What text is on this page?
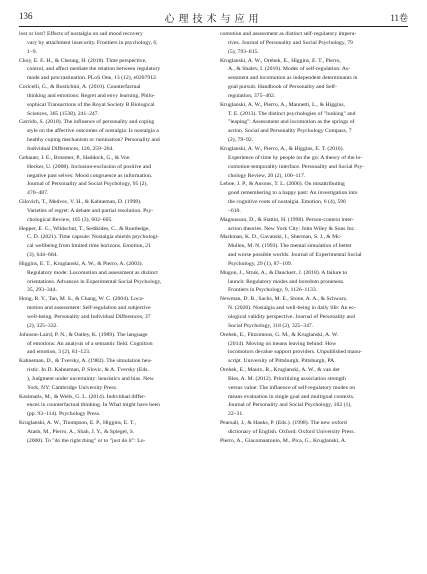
136	心理技术与应用	11卷
lost or lost? Effects of nostalgia on sad mood recovery
vary by attachment insecurity. Frontiers in psychology, 6,
1–9.
Choy, E. E. H., & Cheung, H. (2018). Time perspective,
control, and affect mediate the relation between regulatory
mode and procrastination. PLoS One, 13 (12), e0207912.
Coricelli, G., & Rustichini, A. (2010). Counterfactual
thinking and emotions: Regret and envy learning. Philo-
sophical Transactions of the Royal Society B Biological
Sciences, 365 (1538), 241–247.
Garrido, S. (2018). The influence of personality and coping
style on the affective outcomes of nostalgia: Is nostalgia a
healthy coping mechanism or rumination? Personality and
Individual Differences, 120, 259–264.
Gebauer, J. E., Broemer, P., Haddock, G., & Von
Hecker, U. (2008). Inclusion-exclusion of positive and
negative past selves: Mood congruence as information.
Journal of Personality and Social Psychology, 95 (2),
470–487.
Gilovich, T., Medvec, V. H., & Kahneman, D. (1998).
Varieties of regret: A debate and partial resolution. Psy-
chological Review, 105 (3), 602–605.
Hepper, E. G., Wildschut, T., Sedikides, C., & Routledge,
C. D. (2021). Time capsule: Nostalgia shields psychologi-
cal wellbeing from limited time horizons. Emotion, 21
(3), 644–664.
Higgins, E. T., Kruglanski, A. W., & Pierro, A. (2003).
Regulatory mode: Locomotion and assessment as distinct
orientations. Advances in Experimental Social Psychology,
35, 293–344.
Hong, R. Y., Tan, M. S., & Chang, W. C. (2004). Loco-
motion and assessment: Self-regulation and subjective
well-being. Personality and Individual Differences, 37
(2), 325–332.
Johnson-Laird, P. N., & Oatley, K. (1989). The language
of emotions: An analysis of a semantic field. Cognition
and emotion, 3 (2), 81–123.
Kahneman, D., & Tversky, A. (1982). The simulation heu-
ristic. In D. Kahneman, P. Slovic, & A. Tversky (Eds.
), Judgment under uncertainty: heuristics and bias. New
York, NY: Cambridge University Press.
Kasimatis, M., & Wells, G. L. (2014). Individual differ-
ences in counterfactual thinking. In What might have been
(pp. 93–114). Psychology Press.
Kruglanski, A. W., Thompson, E. P., Higgins, E. T.,
Atash, M., Pierro, A., Shah, J. Y., & Spiegel, S.
(2000). To "do the right thing" or to "just do it": Lo-
comotion and assessment as distinct self-regulatory impera-
tives. Journal of Personality and Social Psychology, 79
(5), 793–815.
Kruglanski, A. W., Orehek, E., Higgins, E. T., Pierro,
A., & Shalev, I. (2010). Modes of self-regulation: As-
sessment and locomotion as independent determinants in
goal pursuit. Handbook of Personality and Self-
regulation, 375–402.
Kruglanski, A. W., Pierro, A., Mannetti, L., & Higgins,
T. E. (2013). The distinct psychologies of "looking" and
"leaping": Assessment and locomotion as the springs of
action. Social and Personality Psychology Compass, 7
(2), 79–92.
Kruglanski, A. W., Pierro, A., & Higgins, E. T. (2016).
Experience of time by people on the go: A theory of the lo-
comotion-temporality interface. Personality and Social Psy-
chology Review, 20 (2), 100–117.
Leboe, J. P., & Ansons, T. L. (2006). On misattributing
good remembering to a happy past: An investigation into
the cognitive roots of nostalgia. Emotion, 6 (4), 596
–610.
Magnusson, D., & Stattin, H. (1998). Person-context inter-
action theories. New York City: John Wiley & Sons Inc.
Markman, K. D., Gavanski, I., Sherman, S. J., & Mc-
Mullen, M. N. (1993). The mental simulation of better
and worse possible worlds. Journal of Experimental Social
Psychology, 29 (1), 87–109.
Mugon, J., Struk, A., & Danckert, J. (2018). A failure to
launch: Regulatory modes and boredom proneness.
Frontiers in Psychology, 9, 1126–1133.
Newman, D. B., Sachs, M. E., Stone, A. A., & Schwarz,
N. (2020). Nostalgia and well-being in daily life: An ec-
ological validity perspective. Journal of Personality and
Social Psychology, 118 (2), 325–347.
Orehek, E., Fitzsimons, G. M., & Kruglanski, A. W.
(2014). Moving on means leaving behind: How
locomotors devalue support providers. Unpublished manu-
script. University of Pittsburgh, Pittsburgh, PA.
Orehek, E., Mauro, R., Kruglanski, A. W., & van der
Bles, A. M. (2012). Prioritizing association strength
versus value: The influence of self-regulatory modes on
means evaluation in single goal and multigoal contexts.
Journal of Personality and Social Psychology, 102 (1),
22–31.
Pearsall, J., & Hanks, P. (Eds.). (1998). The new oxford
dictionary of English. Oxford: Oxford University Press.
Pierro, A., Giacomantonio, M., Pica, G., Kruglanski, A.
